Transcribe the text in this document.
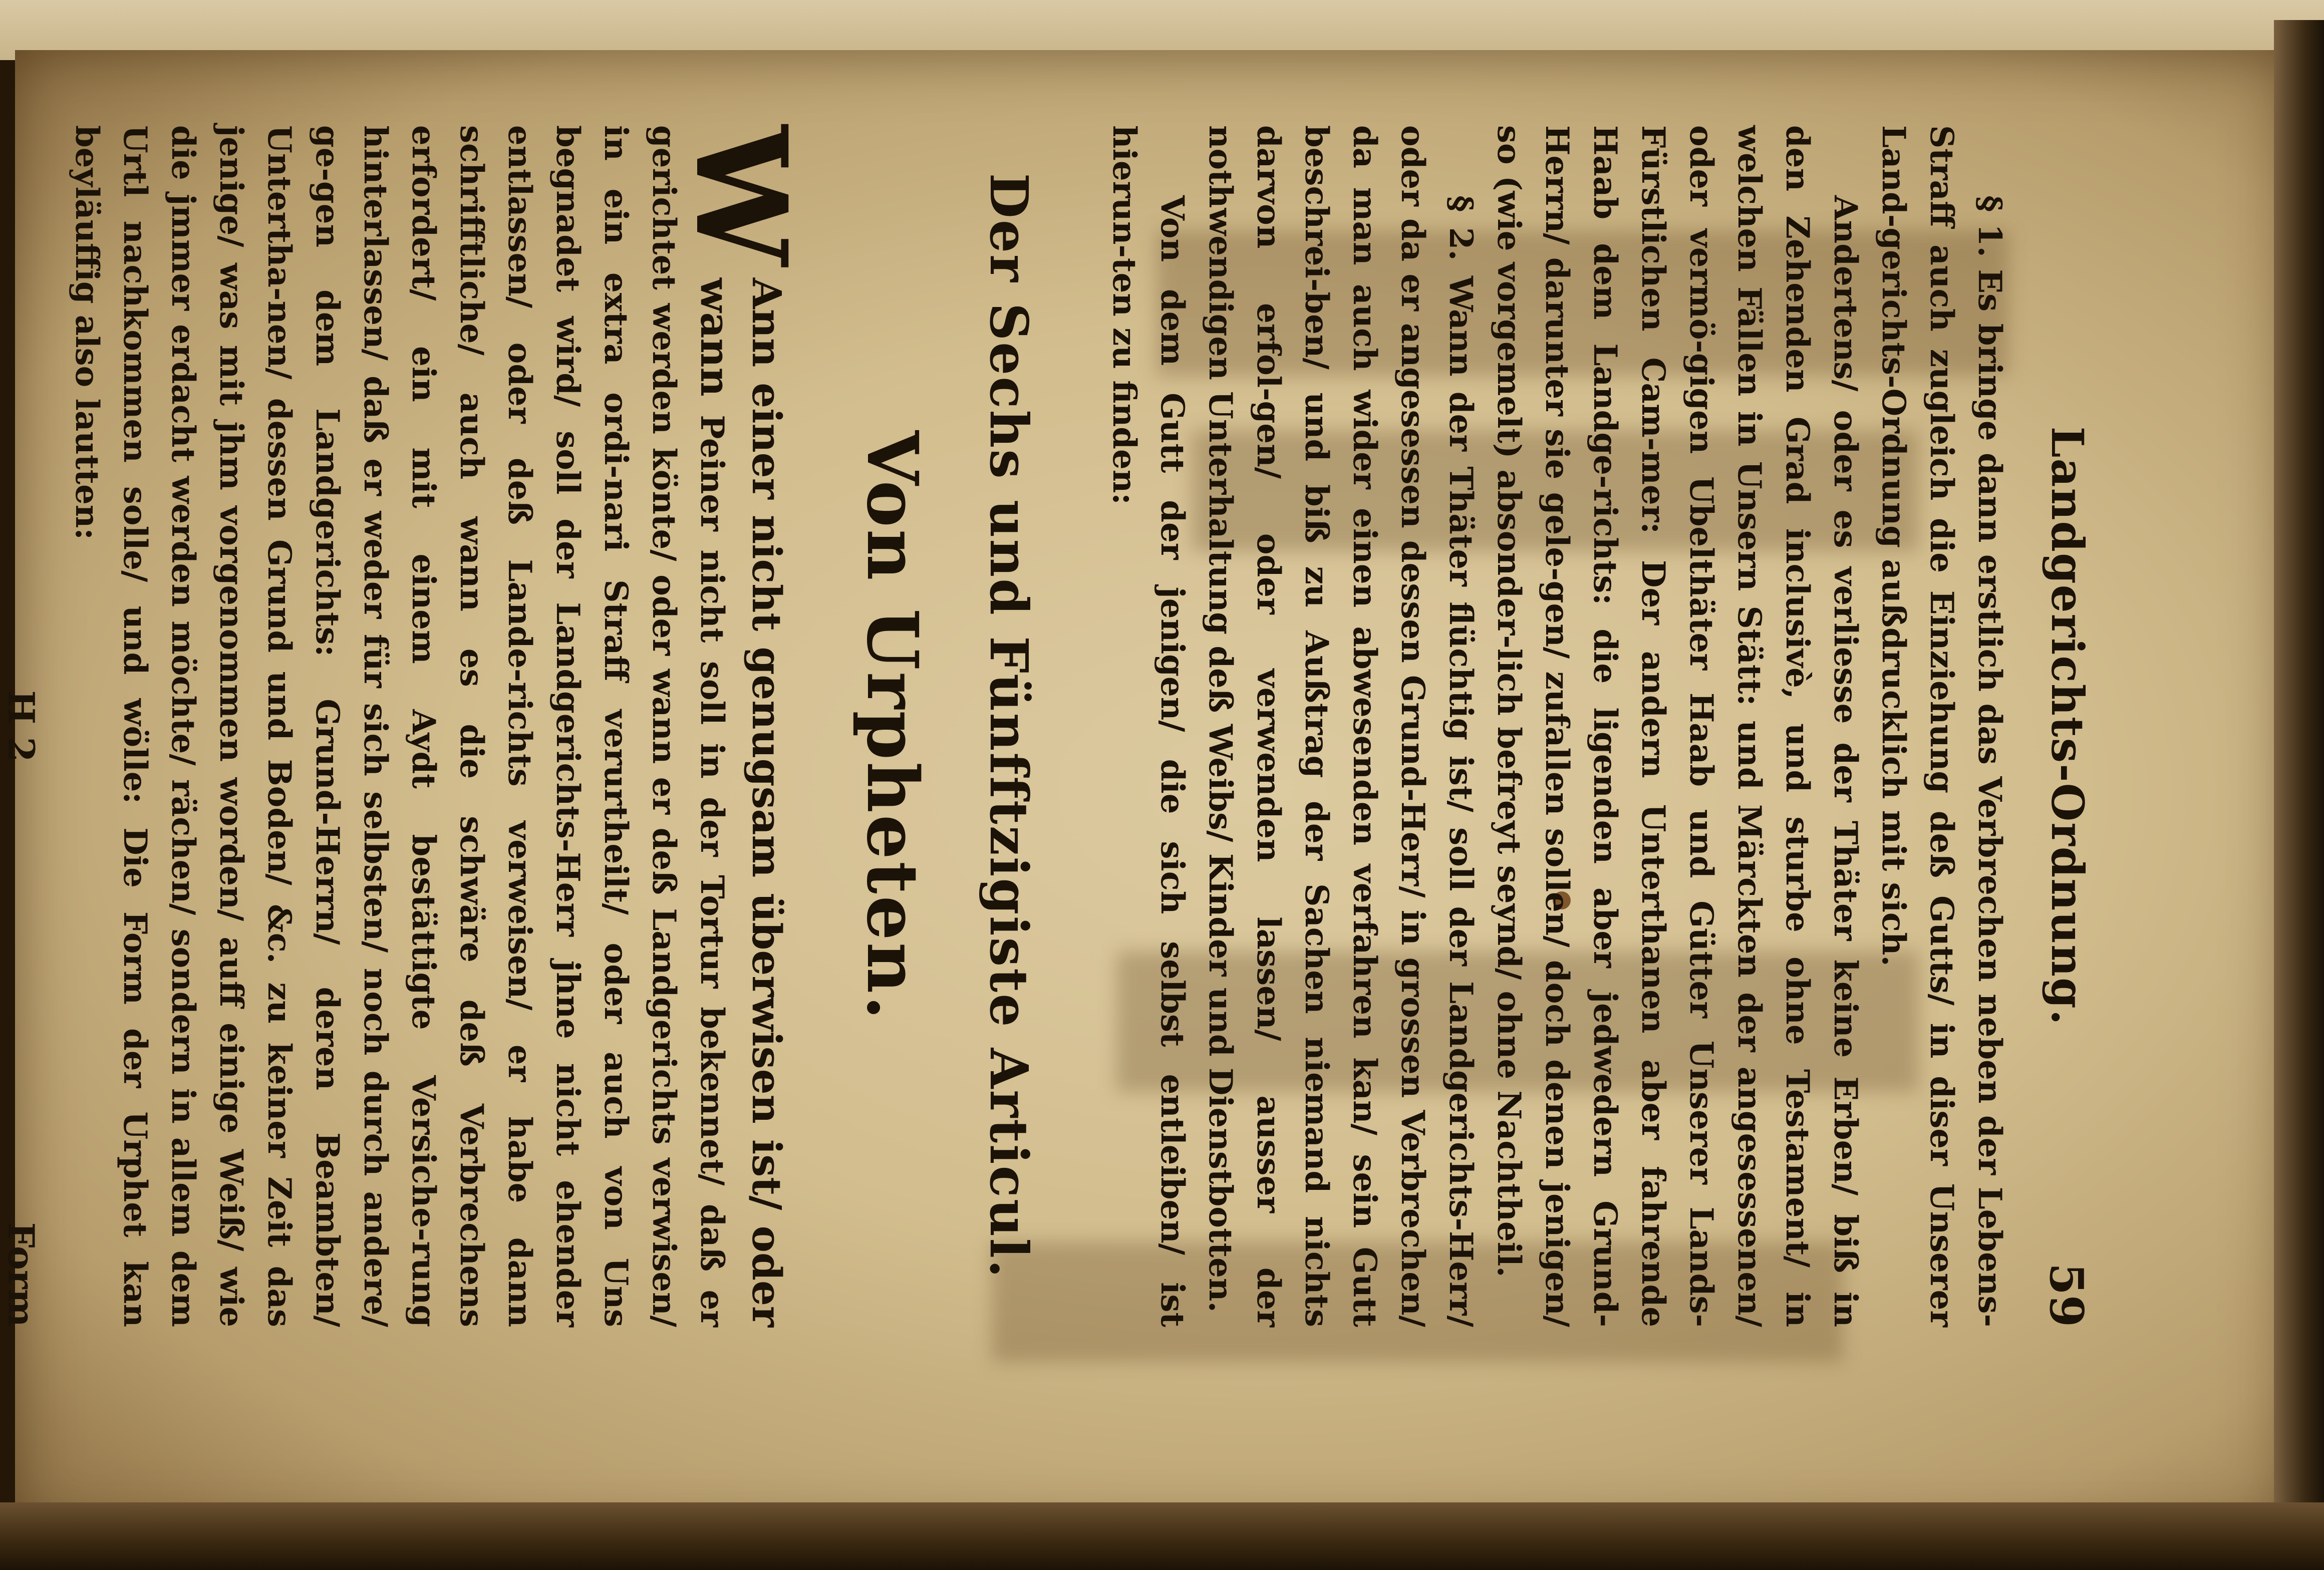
Landgerichts-Ordnung.
59

§ 1. Es bringe dann erstlich das Verbrechen neben der Lebens-Straff auch zugleich die Einziehung deß Gutts/ in diser Unserer Land-gerichts-Ordnung außdrucklich mit sich.

Andertens/ oder es verliesse der Thäter keine Erben/ biß in den Zehenden Grad inclusivè, und sturbe ohne Testament/ in welchen Fällen in Unsern Stätt: und Märckten der angesessenen/ oder vermö-gigen Ubelthäter Haab und Gütter Unserer Lands-Fürstlichen Cam-mer: Der andern Unterthanen aber fahrende Haab dem Landge-richts: die ligenden aber jedwedern Grund-Herrn/ darunter sie gele-gen/ zufallen sollen/ doch denen jenigen/ so (wie vorgemelt) absonder-lich befreyt seynd/ ohne Nachtheil.

§ 2. Wann der Thäter flüchtig ist/ soll der Landgerichts-Herr/ oder da er angesessen dessen Grund-Herr/ in grossen Verbrechen/ da man auch wider einen abwesenden verfahren kan/ sein Gutt beschrei-ben/ und biß zu Außtrag der Sachen niemand nichts darvon erfol-gen/ oder verwenden lassen/ ausser der nothwendigen Unterhaltung deß Weibs/ Kinder und Dienstbotten.

Von dem Gutt der jenigen/ die sich selbst entleiben/ ist hierun-ten zu finden:

Der Sechs und Fünfftzigiste Articul.
Von Urpheten.
W
Ann einer nicht genugsam überwisen ist/ oder wann Peiner nicht soll in der Tortur bekennet/ daß er gerichtet werden könte/ oder wann er deß Landgerichts verwisen/ in ein extra ordi-nari Straff verurtheilt/ oder auch von Uns begnadet wird/ soll der Landgerichts-Herr jhne nicht ehender entlassen/ oder deß Lande-richts verweisen/ er habe dann schrifftliche/ auch wann es die schwäre deß Verbrechens erfordert/ ein mit einem Aydt bestättigte Versiche-rung hinterlassen/ daß er weder für sich selbsten/ noch durch andere/ ge-gen dem Landgerichts: Grund-Herrn/ deren Beambten/ Untertha-nen/ dessen Grund und Boden/ &c. zu keiner Zeit das jenige/ was mit jhm vorgenommen worden/ auff einige Weiß/ wie die jmmer erdacht werden möchte/ rächen/ sondern in allem dem Urtl nachkommen solle/ und wölle: Die Form der Urphet kan beyläuffig also lautten:
H 2
Form
